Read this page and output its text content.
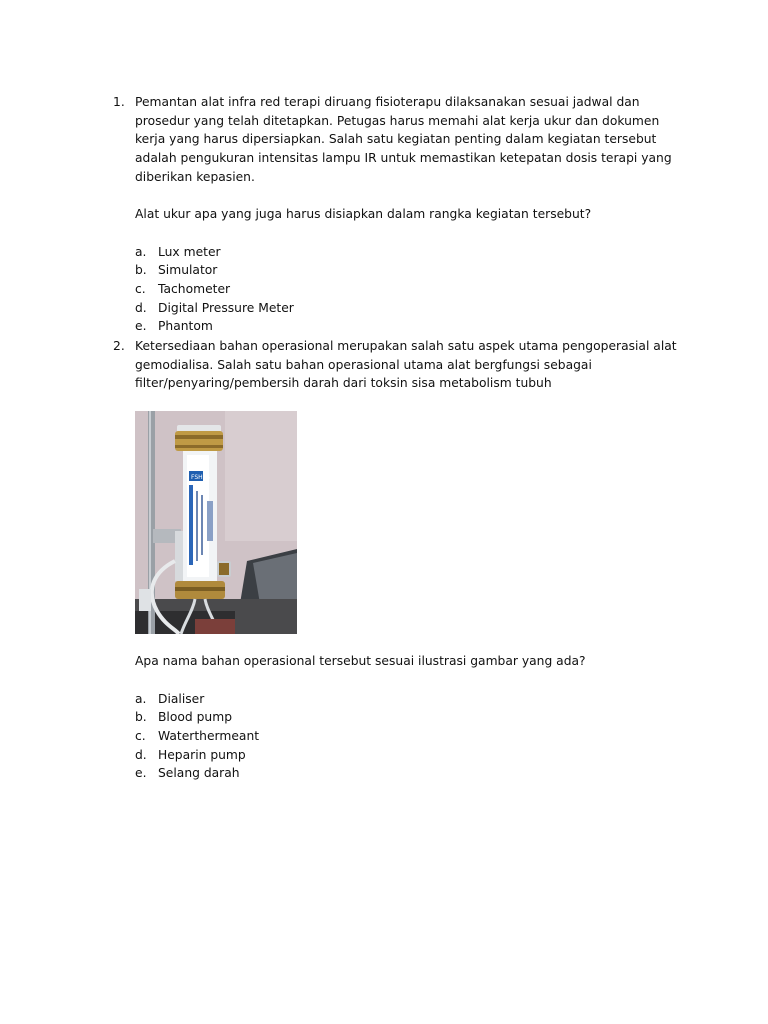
1. Pemantan alat infra red terapi diruang fisioterapu dilaksanakan sesuai jadwal dan prosedur yang telah ditetapkan. Petugas harus memahi alat kerja ukur dan dokumen kerja yang harus dipersiapkan. Salah satu kegiatan penting dalam kegiatan tersebut adalah pengukuran intensitas lampu IR untuk memastikan ketepatan dosis terapi yang diberikan kepasien.

Alat ukur apa yang juga harus disiapkan dalam rangka kegiatan tersebut?

a. Lux meter
b. Simulator
c. Tachometer
d. Digital Pressure Meter
e. Phantom
2. Ketersediaan bahan operasional merupakan salah satu aspek utama pengoperasial alat gemodialisa. Salah satu bahan operasional utama alat bergfungsi sebagai filter/penyaring/pembersih darah dari toksin sisa metabolism tubuh

FSHPS

Apa nama bahan operasional tersebut sesuai ilustrasi gambar yang ada?

a. Dialiser
b. Blood pump
c. Waterthermeant
d. Heparin pump
e. Selang darah
